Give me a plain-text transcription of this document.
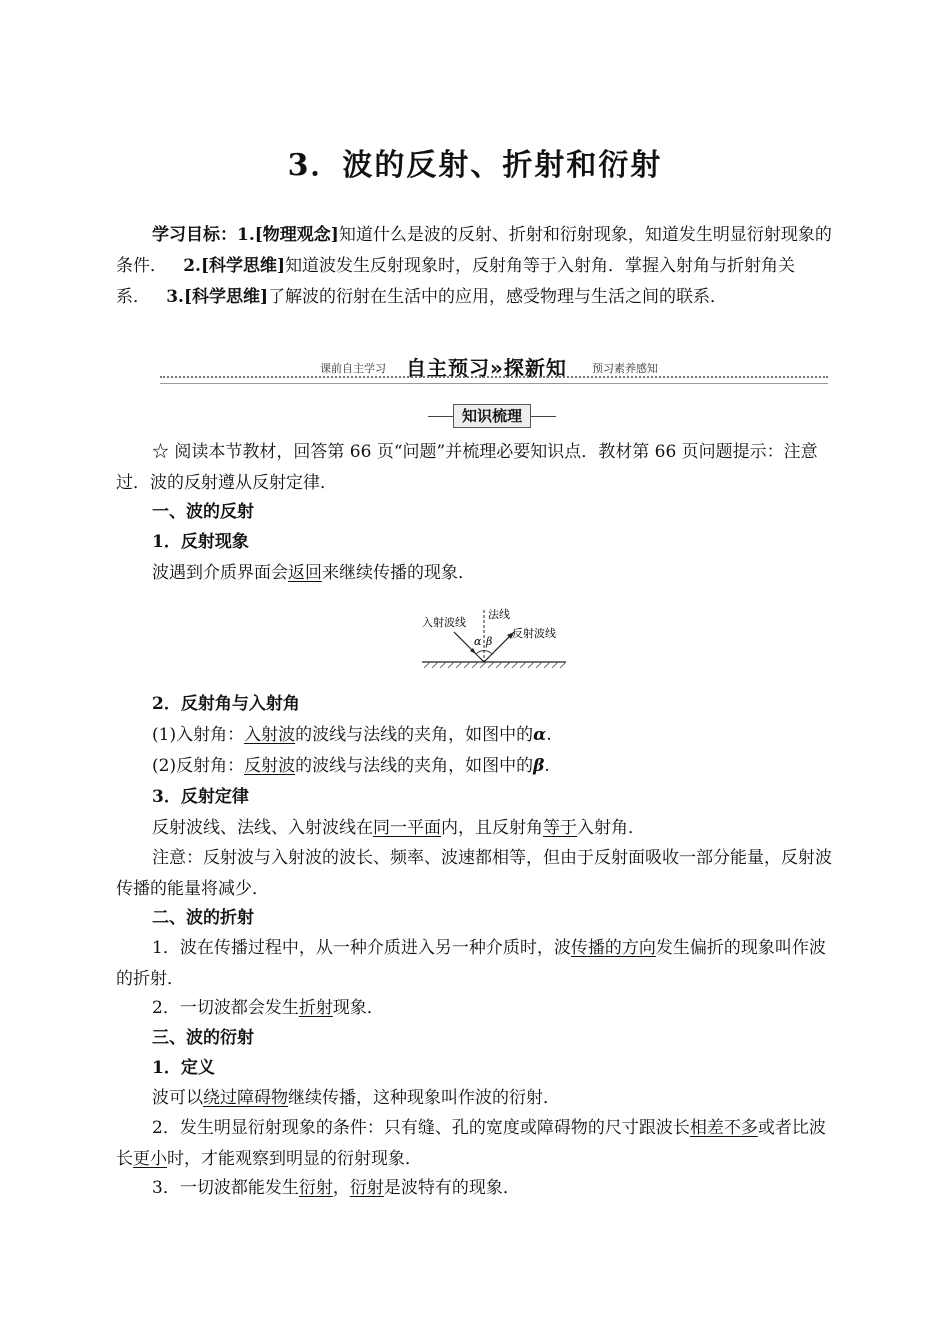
3．波的反射、折射和衍射
学习目标：1.[物理观念]知道什么是波的反射、折射和衍射现象，知道发生明显衍射现象的条件． 2.[科学思维]知道波发生反射现象时，反射角等于入射角．掌握入射角与折射角关系． 3.[科学思维]了解波的衍射在生活中的应用，感受物理与生活之间的联系．
课前自主学习 自主预习»探新知 预习素养感知
知识梳理
☆ 阅读本节教材，回答第 66 页“问题”并梳理必要知识点．教材第 66 页问题提示：注意过．波的反射遵从反射定律．
一、波的反射
1．反射现象
波遇到介质界面会返回来继续传播的现象．
入射波线
法线
反射波线
α β
2．反射角与入射角
(1)入射角：入射波的波线与法线的夹角，如图中的α.
(2)反射角：反射波的波线与法线的夹角，如图中的β.
3．反射定律
反射波线、法线、入射波线在同一平面内，且反射角等于入射角．
注意：反射波与入射波的波长、频率、波速都相等，但由于反射面吸收一部分能量，反射波传播的能量将减少．
二、波的折射
1．波在传播过程中，从一种介质进入另一种介质时，波传播的方向发生偏折的现象叫作波的折射．
2．一切波都会发生折射现象．
三、波的衍射
1．定义
波可以绕过障碍物继续传播，这种现象叫作波的衍射．
2．发生明显衍射现象的条件：只有缝、孔的宽度或障碍物的尺寸跟波长相差不多或者比波长更小时，才能观察到明显的衍射现象．
3．一切波都能发生衍射，衍射是波特有的现象．
